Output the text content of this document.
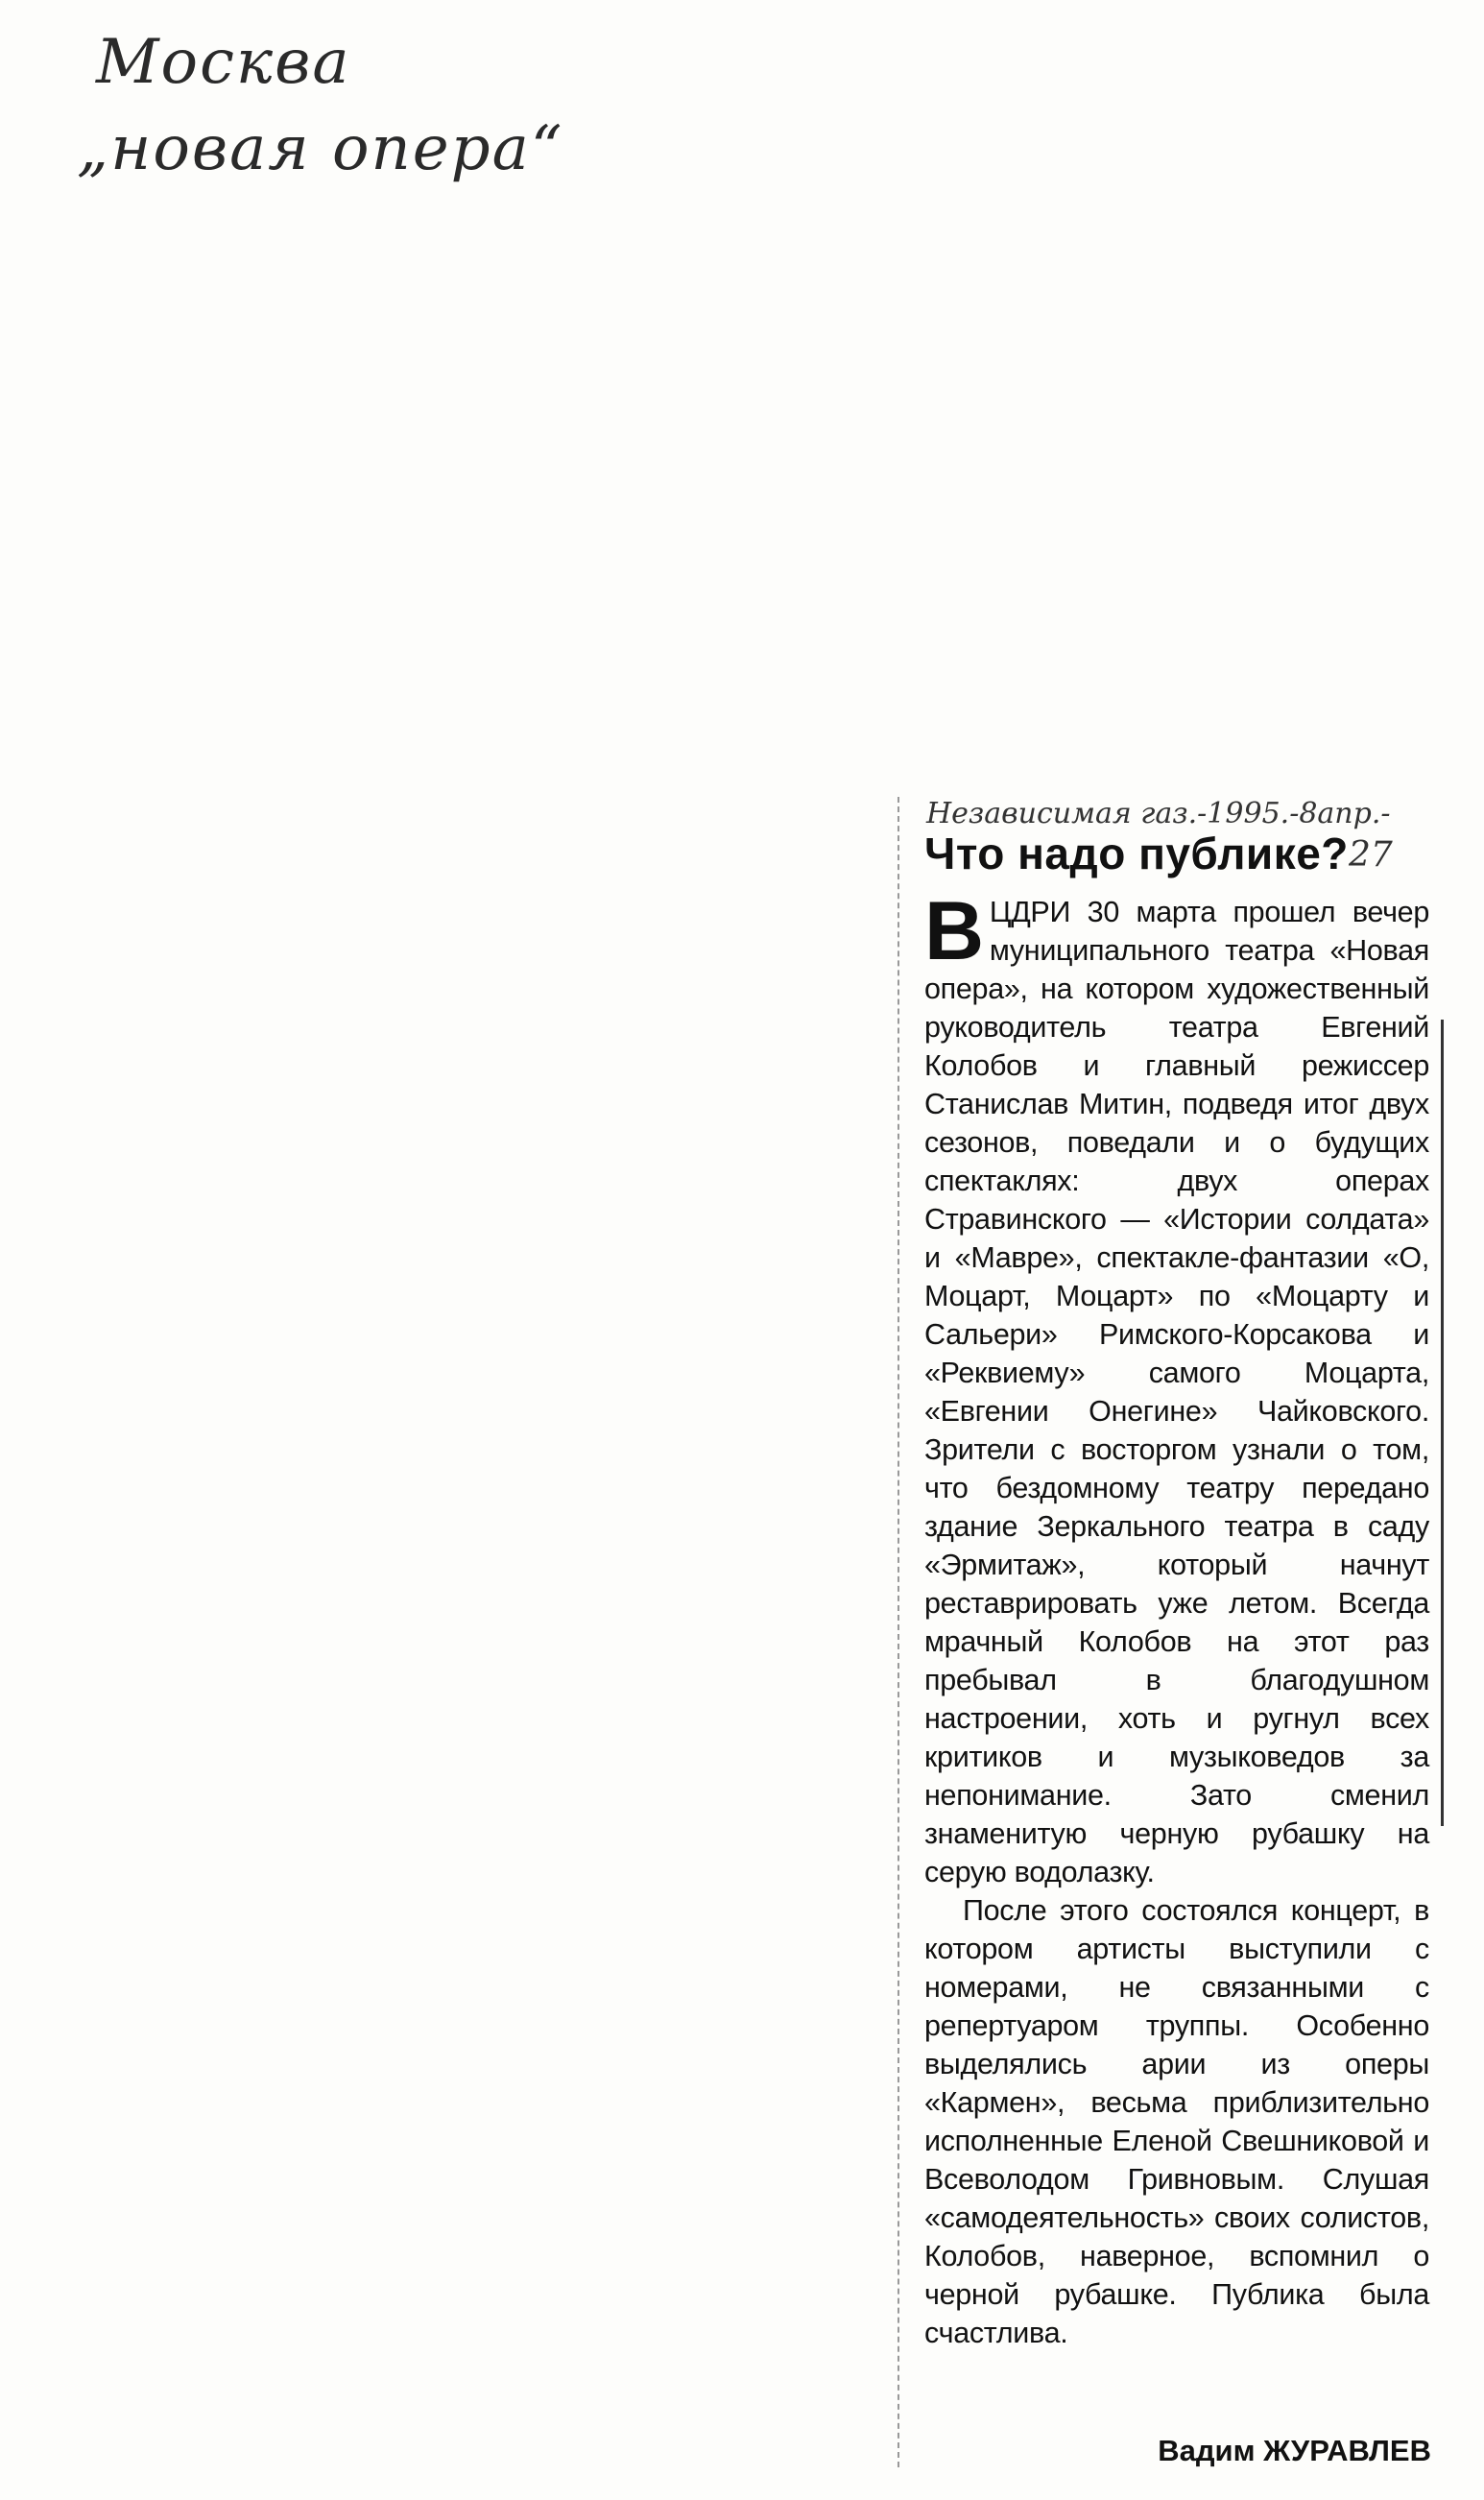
Москва
„новая опера“
Независимая газ.-1995.-8апр.-
Что надо публике? 27

В ЦДРИ 30 марта прошел вечер муниципального театра «Новая опера», на котором художественный руководитель театра Евгений Колобов и главный режиссер Станислав Митин, подведя итог двух сезонов, поведали и о будущих спектаклях: двух операх Стравинского — «Истории солдата» и «Мавре», спектакле-фантазии «О, Моцарт, Моцарт» по «Моцарту и Сальери» Римского-Корсакова и «Реквиему» самого Моцарта, «Евгении Онегине» Чайковского. Зрители с восторгом узнали о том, что бездомному театру передано здание Зеркального театра в саду «Эрмитаж», который начнут реставрировать уже летом. Всегда мрачный Колобов на этот раз пребывал в благодушном настроении, хоть и ругнул всех критиков и музыковедов за непонимание. Зато сменил знаменитую черную рубашку на серую водолазку.

После этого состоялся концерт, в котором артисты выступили с номерами, не связанными с репертуаром труппы. Особенно выделялись арии из оперы «Кармен», весьма приблизительно исполненные Еленой Свешниковой и Всеволодом Гривновым. Слушая «самодеятельность» своих солистов, Колобов, наверное, вспомнил о черной рубашке. Публика была счастлива.

Вадим ЖУРАВЛЕВ
